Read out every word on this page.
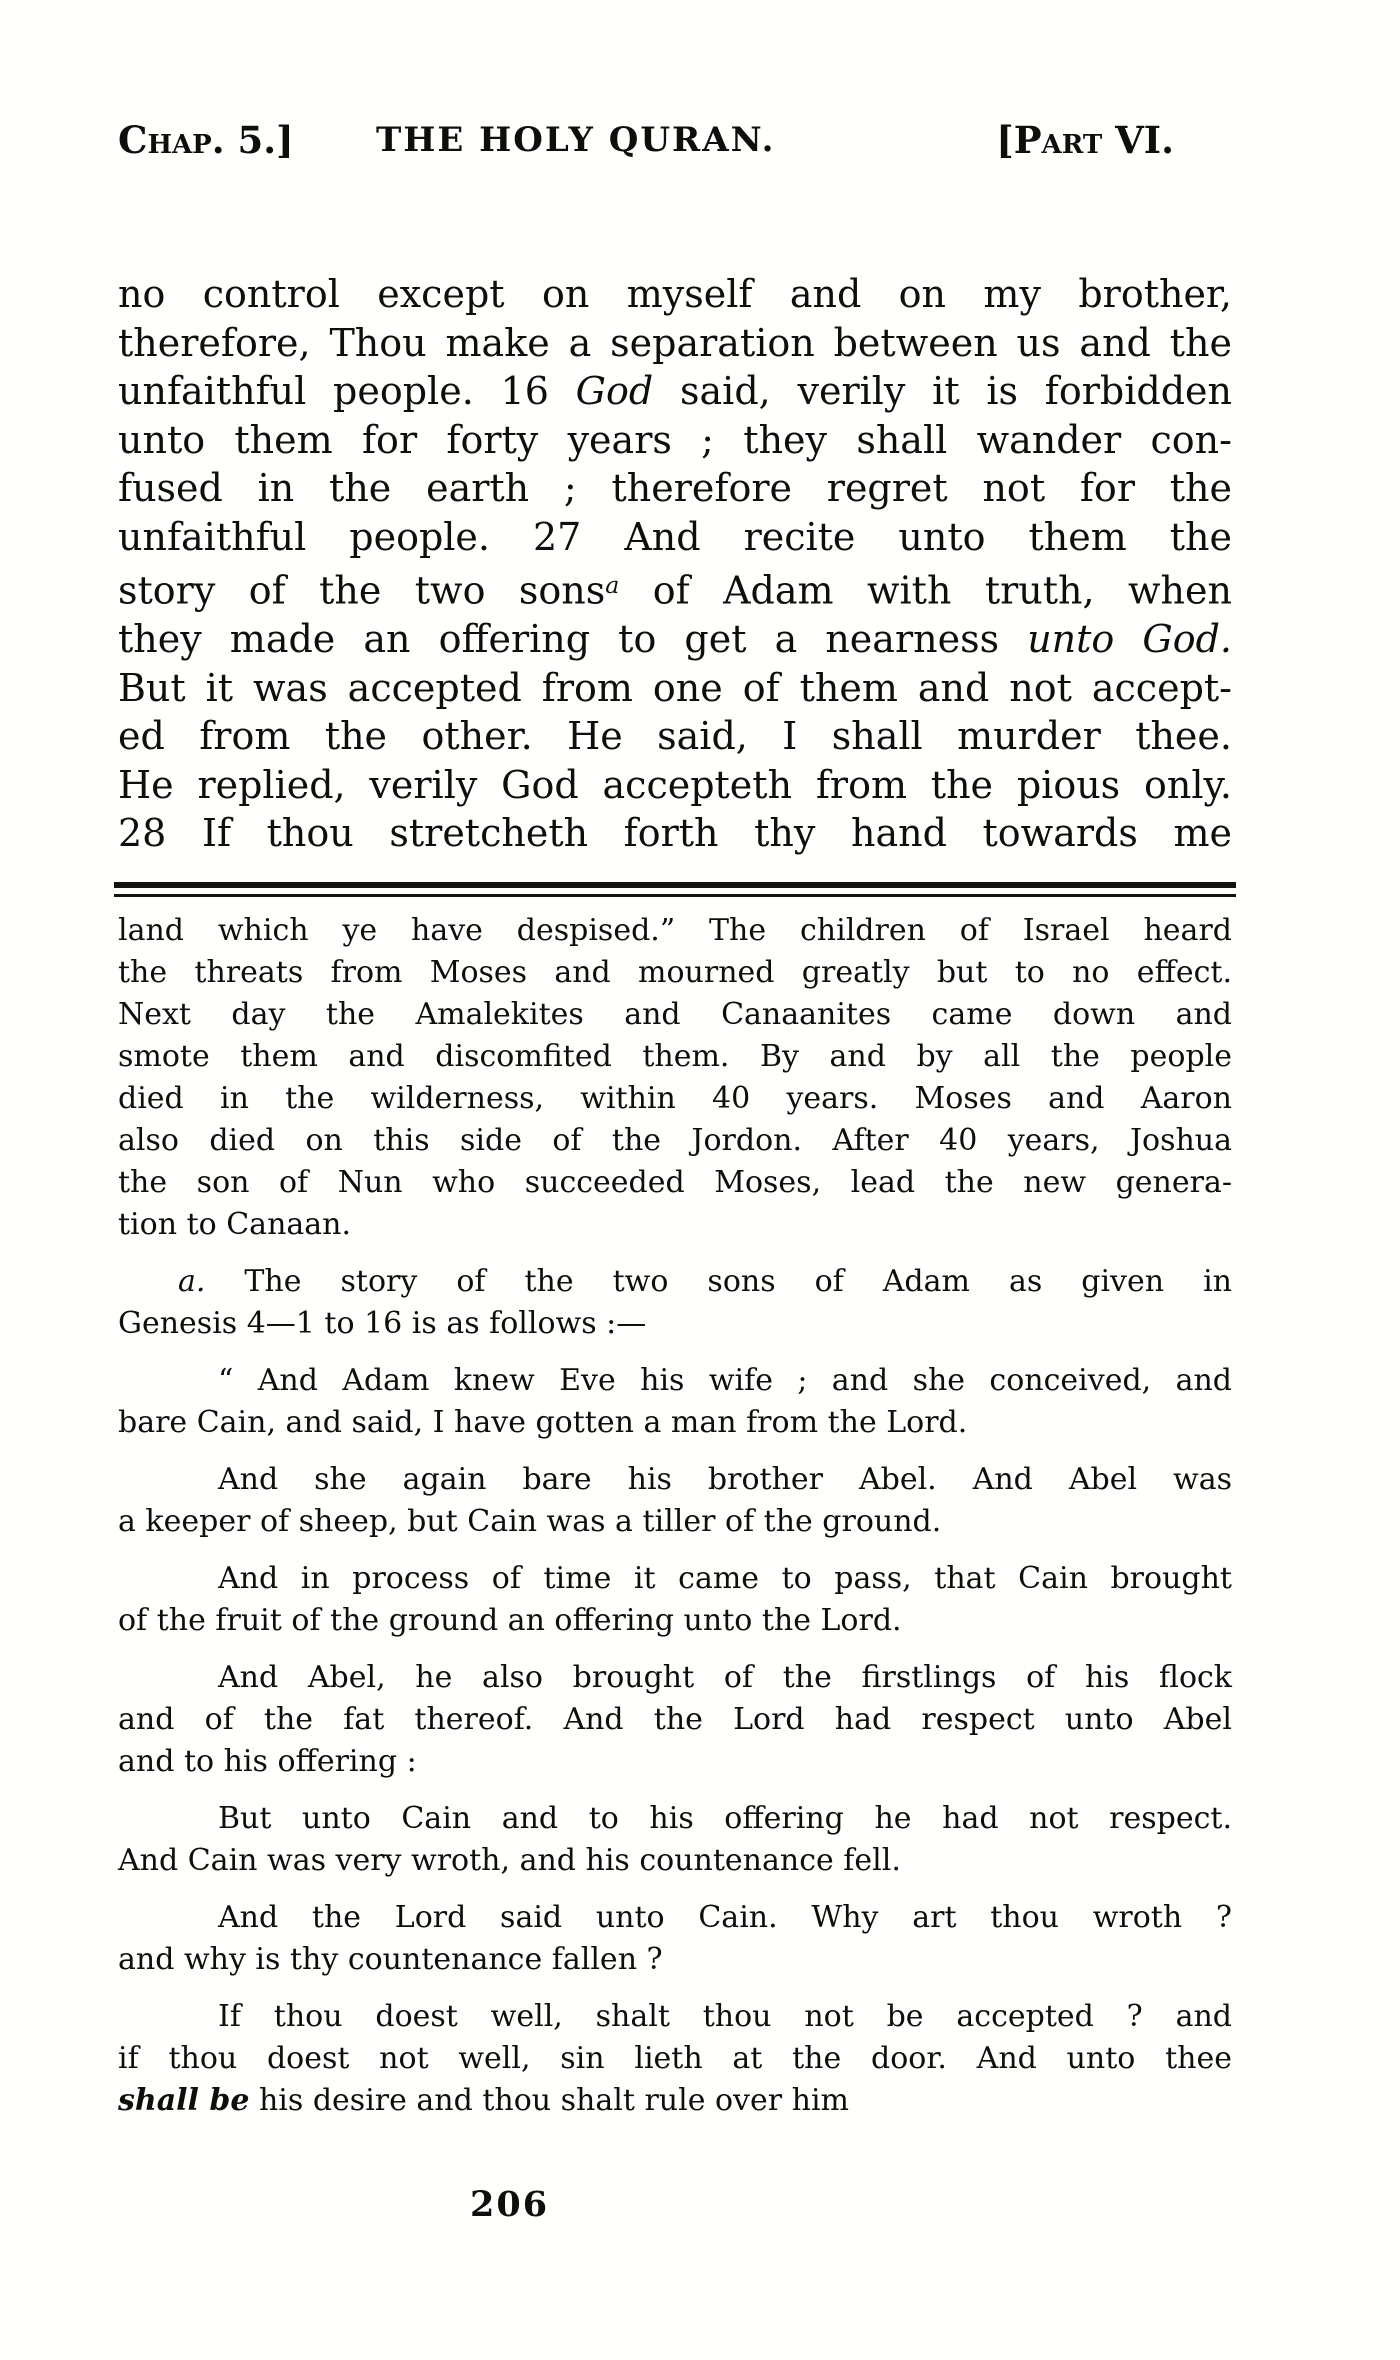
Chap. 5.] THE HOLY QURAN.	[Part VI.
no control except on myself and on my brother,
therefore, Thou make a separation between us and the
unfaithful people. 16 God said, verily it is forbidden
unto them for forty years ; they shall wander con-
fused in the earth ; therefore regret not for the
unfaithful people. 27 And recite unto them the
story of the two sons$^a$ of Adam with truth, when
they made an offering to get a nearness unto God.
But it was accepted from one of them and not accept-
ed from the other. He said, I shall murder thee.
He replied, verily God accepteth from the pious only.
28 If thou stretcheth forth thy hand towards me
land which ye have despised.” The children of Israel heard
the threats from Moses and mourned greatly but to no effect.
Next day the Amalekites and Canaanites came down and
smote them and discomfited them. By and by all the people
died in the wilderness, within 40 years. Moses and Aaron
also died on this side of the Jordon. After 40 years, Joshua
the son of Nun who succeeded Moses, lead the new genera-
tion to Canaan.
a. The story of the two sons of Adam as given in
Genesis 4—1 to 16 is as follows :—
“ And Adam knew Eve his wife ; and she conceived, and
bare Cain, and said, I have gotten a man from the Lord.
And she again bare his brother Abel. And Abel was
a keeper of sheep, but Cain was a tiller of the ground.
And in process of time it came to pass, that Cain brought
of the fruit of the ground an offering unto the Lord.
And Abel, he also brought of the firstlings of his flock
and of the fat thereof. And the Lord had respect unto Abel
and to his offering :
But unto Cain and to his offering he had not respect.
And Cain was very wroth, and his countenance fell.
And the Lord said unto Cain. Why art thou wroth ?
and why is thy countenance fallen ?
If thou doest well, shalt thou not be accepted ? and
if thou doest not well, sin lieth at the door. And unto thee
shall be his desire and thou shalt rule over him
206
